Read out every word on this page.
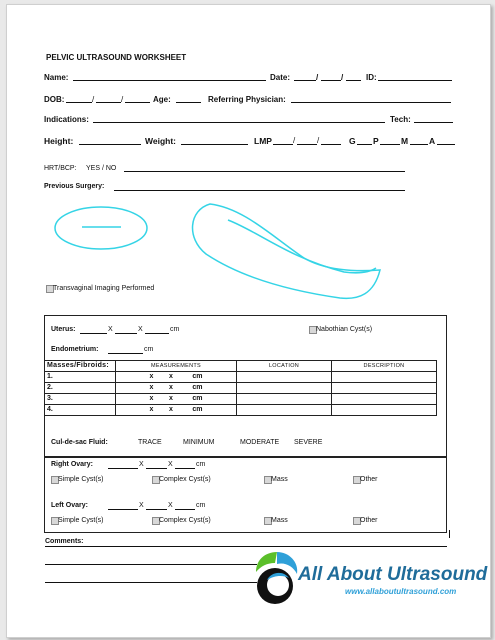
PELVIC ULTRASOUND WORKSHEET
Name:	Date:	/	/	ID:
DOB:	/	/	Age:	Referring Physician:
Indications:	Tech:
Height:	Weight:	LMP	/	/	G P	M A
HRT/BCP: YES / NO
Previous Surgery:
Transvaginal Imaging Performed
Uterus:	X	X	cm	Nabothian Cyst(s)
Endometrium:	cm
Masses/Fibroids:	MEASUREMENTS	LOCATION	DESCRIPTION
1.	x        x          cm		
2.	x        x          cm		
3.	x        x          cm		
4.	x        x          cm		
Cul-de-sac Fluid:	TRACE	MINIMUM	MODERATE SEVERE
Right Ovary:	X	X	cm
Simple Cyst(s)	Complex Cyst(s)	Mass	Other
Left Ovary:	X	X	cm
Simple Cyst(s)	Complex Cyst(s)	Mass	Other
Comments:
All About Ultrasound
www.allaboutultrasound.com
